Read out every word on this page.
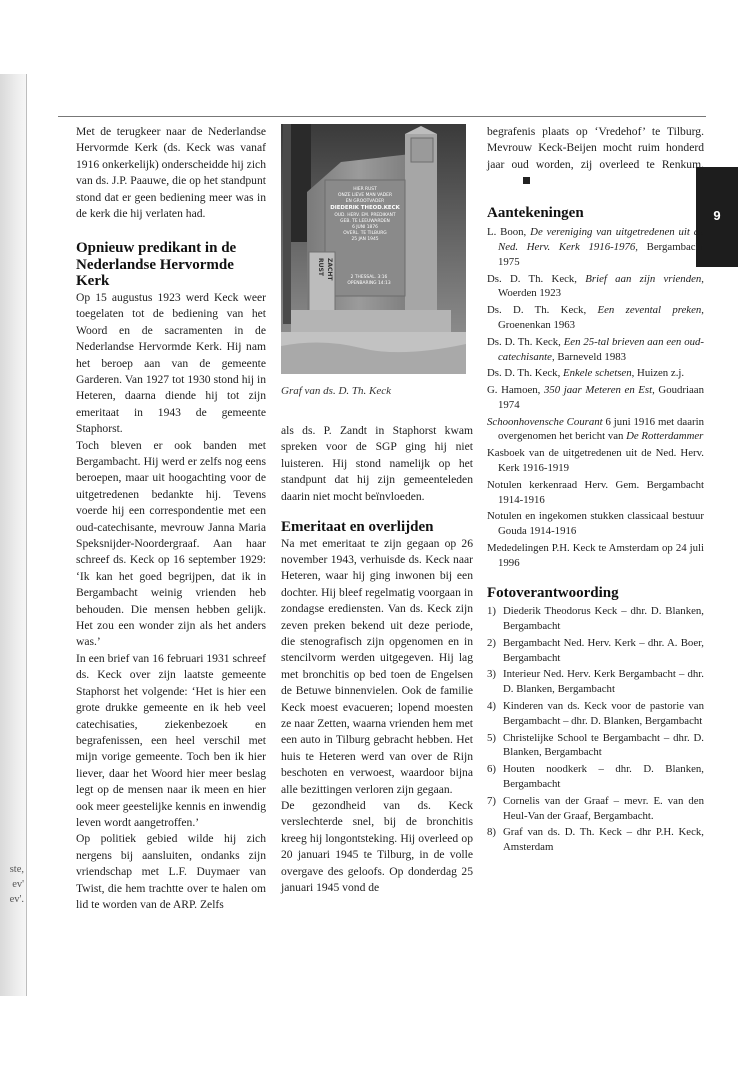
ste,
ev'
ev'.
9

Met de terugkeer naar de Nederlandse Hervormde Kerk (ds. Keck was vanaf 1916 onkerkelijk) onderscheidde hij zich van ds. J.P. Paauwe, die op het standpunt stond dat er geen bediening meer was in de kerk die hij verlaten had.

Opnieuw predikant in de Nederlandse Hervormde Kerk

Op 15 augustus 1923 werd Keck weer toegelaten tot de bediening van het Woord en de sacramenten in de Nederlandse Hervormde Kerk. Hij nam het beroep aan van de gemeente Garderen. Van 1927 tot 1930 stond hij in Heteren, daarna diende hij tot zijn emeritaat in 1943 de gemeente Staphorst.

Toch bleven er ook banden met Bergambacht. Hij werd er zelfs nog eens beroepen, maar uit hoogachting voor de uitgetredenen bedankte hij. Tevens voerde hij een correspondentie met een oud-catechisante, mevrouw Janna Maria Speksnijder-Noordergraaf. Aan haar schreef ds. Keck op 16 september 1929: ‘Ik kan het goed begrijpen, dat ik in Bergambacht weinig vrienden heb behouden. Die mensen hebben gelijk. Het zou een wonder zijn als het anders was.’

In een brief van 16 februari 1931 schreef ds. Keck over zijn laatste gemeente Staphorst het volgende: ‘Het is hier een grote drukke gemeente en ik heb veel catechisaties, ziekenbezoek en begrafenissen, een heel verschil met mijn vorige gemeente. Toch ben ik hier liever, daar het Woord hier meer beslag legt op de mensen naar ik meen en hier ook meer geestelijke kennis en inwendig leven wordt aangetroffen.’

Op politiek gebied wilde hij zich nergens bij aansluiten, ondanks zijn vriendschap met L.F. Duymaer van Twist, die hem trachtte over te halen om lid te worden van de ARP. Zelfs

HIER RUST
ONZE LIEVE MAN VADER
EN GROOTVADER
DIEDERIK THEOD.KECK
OUD. HERV. EM. PREDIKANT
GEB. TE LEEUWARDEN
6 JUNI 1876
OVERL. TE TILBURG
25 JAN 1945
2 THESSAL. 3:16
OPENBARING 14:13
RUST ZACHT
Graf van ds. D. Th. Keck

als ds. P. Zandt in Staphorst kwam spreken voor de SGP ging hij niet luisteren. Hij stond namelijk op het standpunt dat hij zijn gemeenteleden daarin niet mocht beïnvloeden.

Emeritaat en overlijden

Na met emeritaat te zijn gegaan op 26 november 1943, verhuisde ds. Keck naar Heteren, waar hij ging inwonen bij een dochter. Hij bleef regelmatig voorgaan in zondagse erediensten. Van ds. Keck zijn zeven preken bekend uit deze periode, die stenografisch zijn opgenomen en in stencilvorm werden uitgegeven. Hij lag met bronchitis op bed toen de Engelsen de Betuwe binnenvielen. Ook de familie Keck moest evacueren; lopend moesten ze naar Zetten, waarna vrienden hem met een auto in Tilburg gebracht hebben. Het huis te Heteren werd van over de Rijn beschoten en verwoest, waardoor bijna alle bezittingen verloren zijn gegaan.

De gezondheid van ds. Keck verslechterde snel, bij de bronchitis kreeg hij longontsteking. Hij overleed op 20 januari 1945 te Tilburg, in de volle overgave des geloofs. Op donderdag 25 januari 1945 vond de

begrafenis plaats op ‘Vredehof’ te Tilburg. Mevrouw Keck-Beijen mocht ruim honderd jaar oud worden, zij overleed te Renkum.

Aantekeningen
L. Boon, De vereniging van uitgetredenen uit de Ned. Herv. Kerk 1916-1976, Bergambacht 1975
Ds. D. Th. Keck, Brief aan zijn vrienden, Woerden 1923
Ds. D. Th. Keck, Een zevental preken, Groenenkan 1963
Ds. D. Th. Keck, Een 25-tal brieven aan een oud-catechisante, Barneveld 1983
Ds. D. Th. Keck, Enkele schetsen, Huizen z.j.
G. Hamoen, 350 jaar Meteren en Est, Goudriaan 1974
Schoonhovensche Courant 6 juni 1916 met daarin overgenomen het bericht van De Rotterdammer
Kasboek van de uitgetredenen uit de Ned. Herv. Kerk 1916-1919
Notulen kerkenraad Herv. Gem. Bergambacht 1914-1916
Notulen en ingekomen stukken classicaal bestuur Gouda 1914-1916
Mededelingen P.H. Keck te Amsterdam op 24 juli 1996
Fotoverantwoording
1) Diederik Theodorus Keck – dhr. D. Blanken, Bergambacht
2) Bergambacht Ned. Herv. Kerk – dhr. A. Boer, Bergambacht
3) Interieur Ned. Herv. Kerk Bergambacht – dhr. D. Blanken, Bergambacht
4) Kinderen van ds. Keck voor de pastorie van Bergambacht – dhr. D. Blanken, Bergambacht
5) Christelijke School te Bergambacht – dhr. D. Blanken, Bergambacht
6) Houten noodkerk – dhr. D. Blanken, Bergambacht
7) Cornelis van der Graaf – mevr. E. van den Heul-Van der Graaf, Bergambacht.
8) Graf van ds. D. Th. Keck – dhr P.H. Keck, Amsterdam
